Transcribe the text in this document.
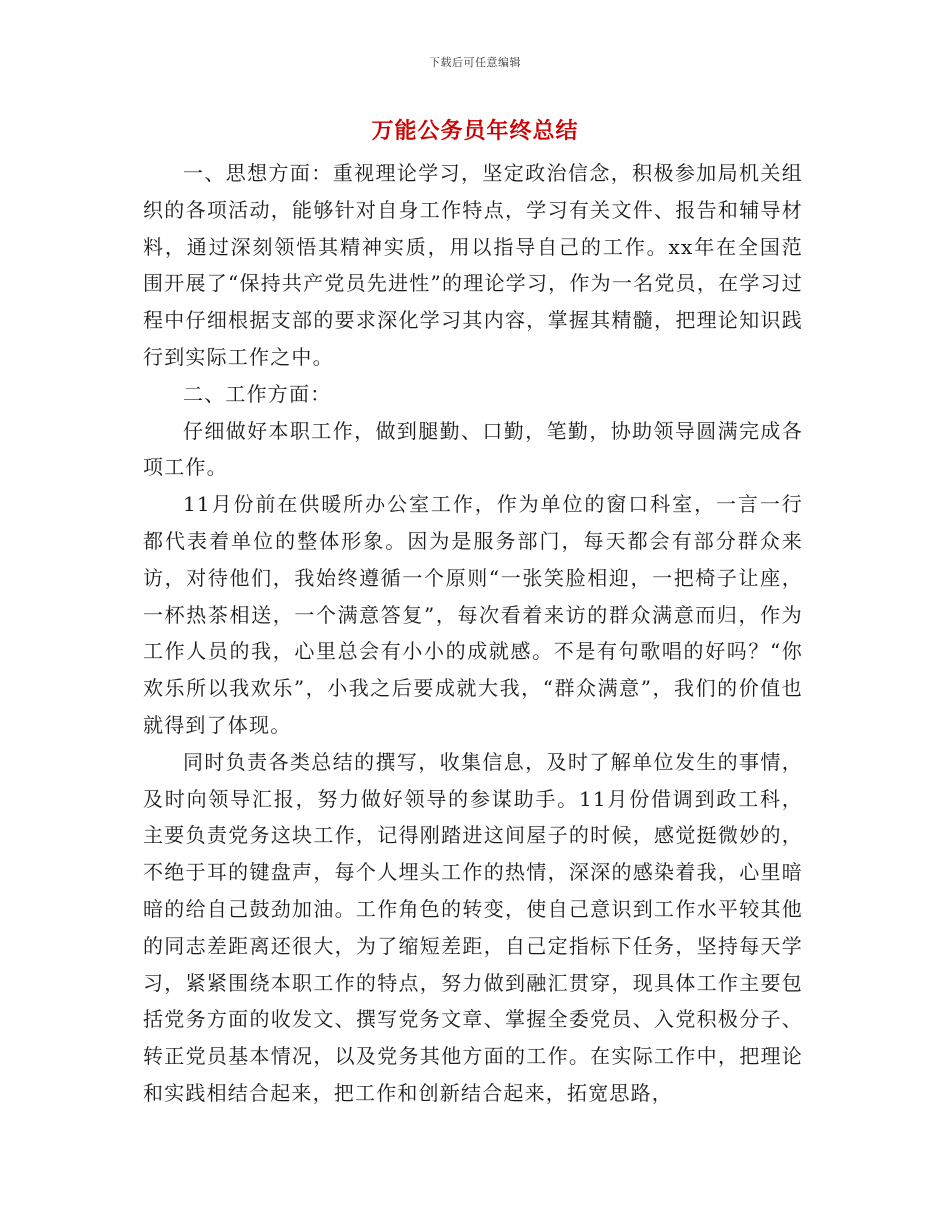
下载后可任意编辑
万能公务员年终总结

一、思想方面：重视理论学习，坚定政治信念，积极参加局机关组织的各项活动，能够针对自身工作特点，学习有关文件、报告和辅导材料，通过深刻领悟其精神实质，用以指导自己的工作。xx年在全国范围开展了“保持共产党员先进性”的理论学习，作为一名党员，在学习过程中仔细根据支部的要求深化学习其内容，掌握其精髓，把理论知识践行到实际工作之中。

二、工作方面：

仔细做好本职工作，做到腿勤、口勤，笔勤，协助领导圆满完成各项工作。

11月份前在供暖所办公室工作，作为单位的窗口科室，一言一行都代表着单位的整体形象。因为是服务部门，每天都会有部分群众来访，对待他们，我始终遵循一个原则“一张笑脸相迎，一把椅子让座，一杯热茶相送，一个满意答复”，每次看着来访的群众满意而归，作为工作人员的我，心里总会有小小的成就感。不是有句歌唱的好吗？“你欢乐所以我欢乐”，小我之后要成就大我，“群众满意”，我们的价值也就得到了体现。

同时负责各类总结的撰写，收集信息，及时了解单位发生的事情，及时向领导汇报，努力做好领导的参谋助手。11月份借调到政工科，主要负责党务这块工作，记得刚踏进这间屋子的时候，感觉挺微妙的，不绝于耳的键盘声，每个人埋头工作的热情，深深的感染着我，心里暗暗的给自己鼓劲加油。工作角色的转变，使自己意识到工作水平较其他的同志差距离还很大，为了缩短差距，自己定指标下任务，坚持每天学习，紧紧围绕本职工作的特点，努力做到融汇贯穿，现具体工作主要包括党务方面的收发文、撰写党务文章、掌握全委党员、入党积极分子、转正党员基本情况，以及党务其他方面的工作。在实际工作中，把理论和实践相结合起来，把工作和创新结合起来，拓宽思路，
